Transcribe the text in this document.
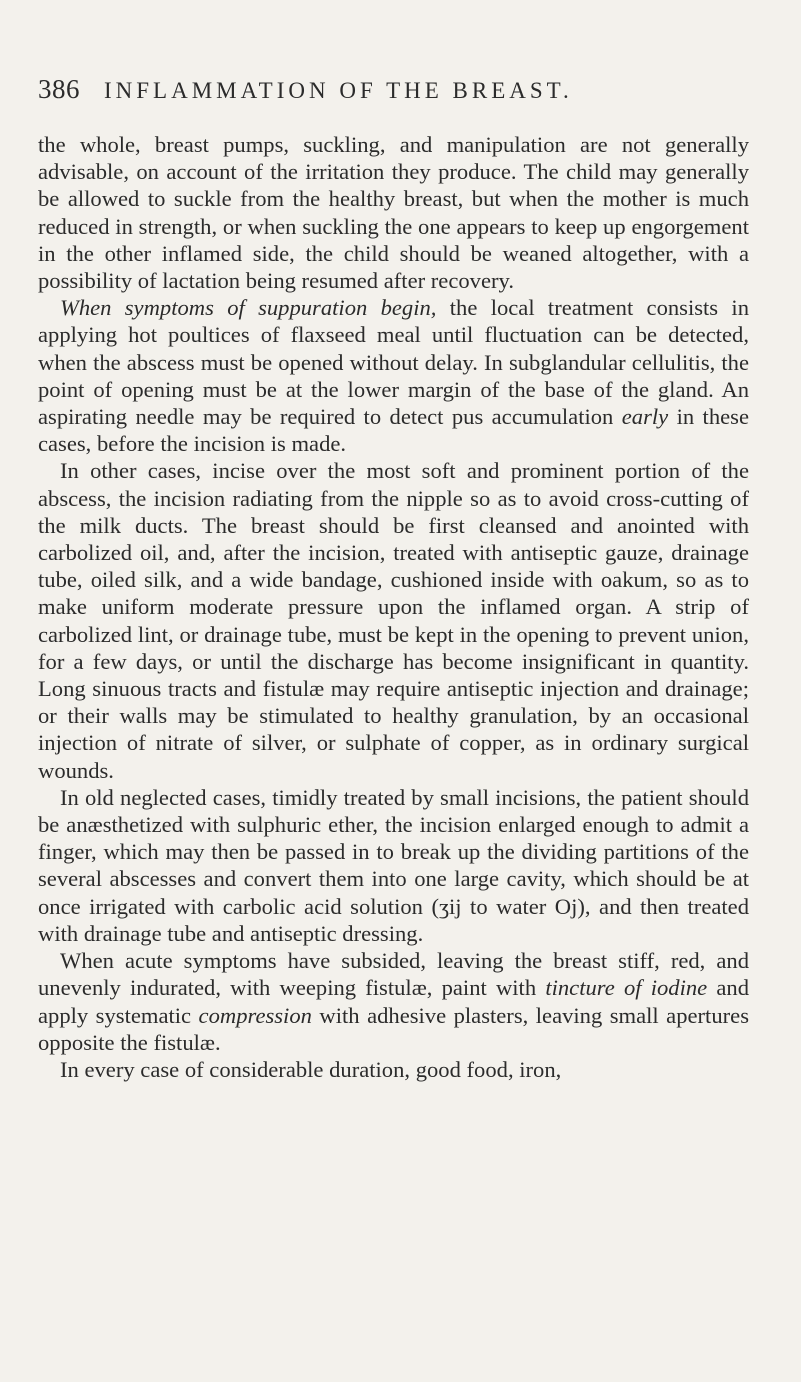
386 INFLAMMATION OF THE BREAST.

the whole, breast pumps, suckling, and manipulation are not generally advisable, on account of the irritation they produce. The child may generally be allowed to suckle from the healthy breast, but when the mother is much reduced in strength, or when suckling the one appears to keep up engorgement in the other inflamed side, the child should be weaned altogether, with a possibility of lactation being resumed after recovery.

When symptoms of suppuration begin, the local treatment consists in applying hot poultices of flaxseed meal until fluctuation can be detected, when the abscess must be opened without delay. In subglandular cellulitis, the point of opening must be at the lower margin of the base of the gland. An aspirating needle may be required to detect pus accumulation early in these cases, before the incision is made.

In other cases, incise over the most soft and prominent portion of the abscess, the incision radiating from the nipple so as to avoid cross-cutting of the milk ducts. The breast should be first cleansed and anointed with carbolized oil, and, after the incision, treated with antiseptic gauze, drainage tube, oiled silk, and a wide bandage, cushioned inside with oakum, so as to make uniform moderate pressure upon the inflamed organ. A strip of carbolized lint, or drainage tube, must be kept in the opening to prevent union, for a few days, or until the discharge has become insignificant in quantity. Long sinuous tracts and fistulæ may require antiseptic injection and drainage; or their walls may be stimulated to healthy granulation, by an occasional injection of nitrate of silver, or sulphate of copper, as in ordinary surgical wounds.

In old neglected cases, timidly treated by small incisions, the patient should be anæsthetized with sulphuric ether, the incision enlarged enough to admit a finger, which may then be passed in to break up the dividing partitions of the several abscesses and convert them into one large cavity, which should be at once irrigated with carbolic acid solution (ʒij to water Oj), and then treated with drainage tube and antiseptic dressing.

When acute symptoms have subsided, leaving the breast stiff, red, and unevenly indurated, with weeping fistulæ, paint with tincture of iodine and apply systematic compression with adhesive plasters, leaving small apertures opposite the fistulæ.

In every case of considerable duration, good food, iron,
